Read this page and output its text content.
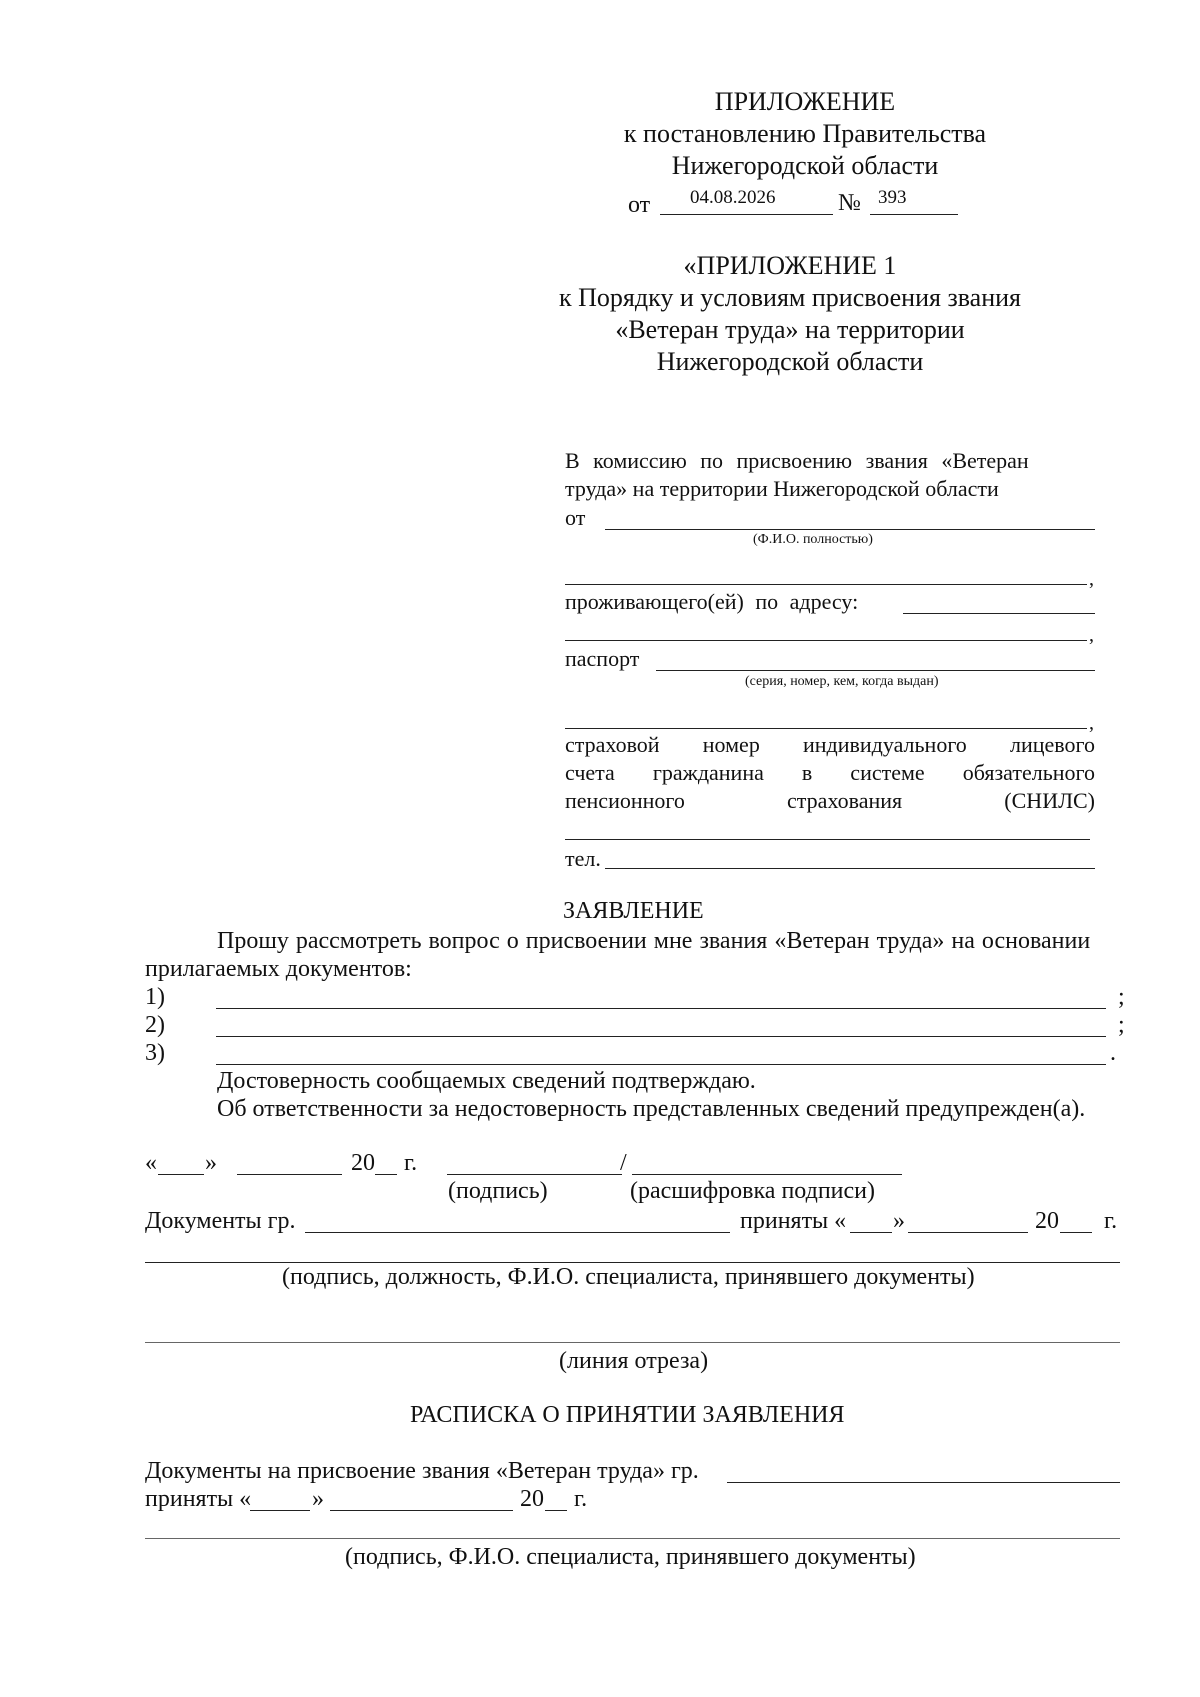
ПРИЛОЖЕНИЕ
к постановлению Правительства
Нижегородской области
от 04.08.2026	№ 393
«ПРИЛОЖЕНИЕ 1
к Порядку и условиям присвоения звания
«Ветеран труда» на территории
Нижегородской области
В комиссию по присвоению звания «Ветеран
труда» на территории Нижегородской области
от
(Ф.И.О. полностью)
,
проживающего(ей) по адресу:
,
паспорт
(серия, номер, кем, когда выдан)
,
страховой номер индивидуального лицевого
счета гражданина в системе обязательного
пенсионного страхования (СНИЛС)
тел.
ЗАЯВЛЕНИЕ
Прошу рассмотреть вопрос о присвоении мне звания «Ветеран труда» на основании
прилагаемых документов:
1)	;
2)	;
3)	.
Достоверность сообщаемых сведений подтверждаю.
Об ответственности за недостоверность представленных сведений предупрежден(а).
« »	20 г.	/
(подпись)	(расшифровка подписи)
Документы гр.	приняты « »	20 г.
(подпись, должность, Ф.И.О. специалиста, принявшего документы)
(линия отреза)
РАСПИСКА О ПРИНЯТИИ ЗАЯВЛЕНИЯ
Документы на присвоение звания «Ветеран труда» гр.
приняты «	»	20 г.
(подпись, Ф.И.О. специалиста, принявшего документы)
